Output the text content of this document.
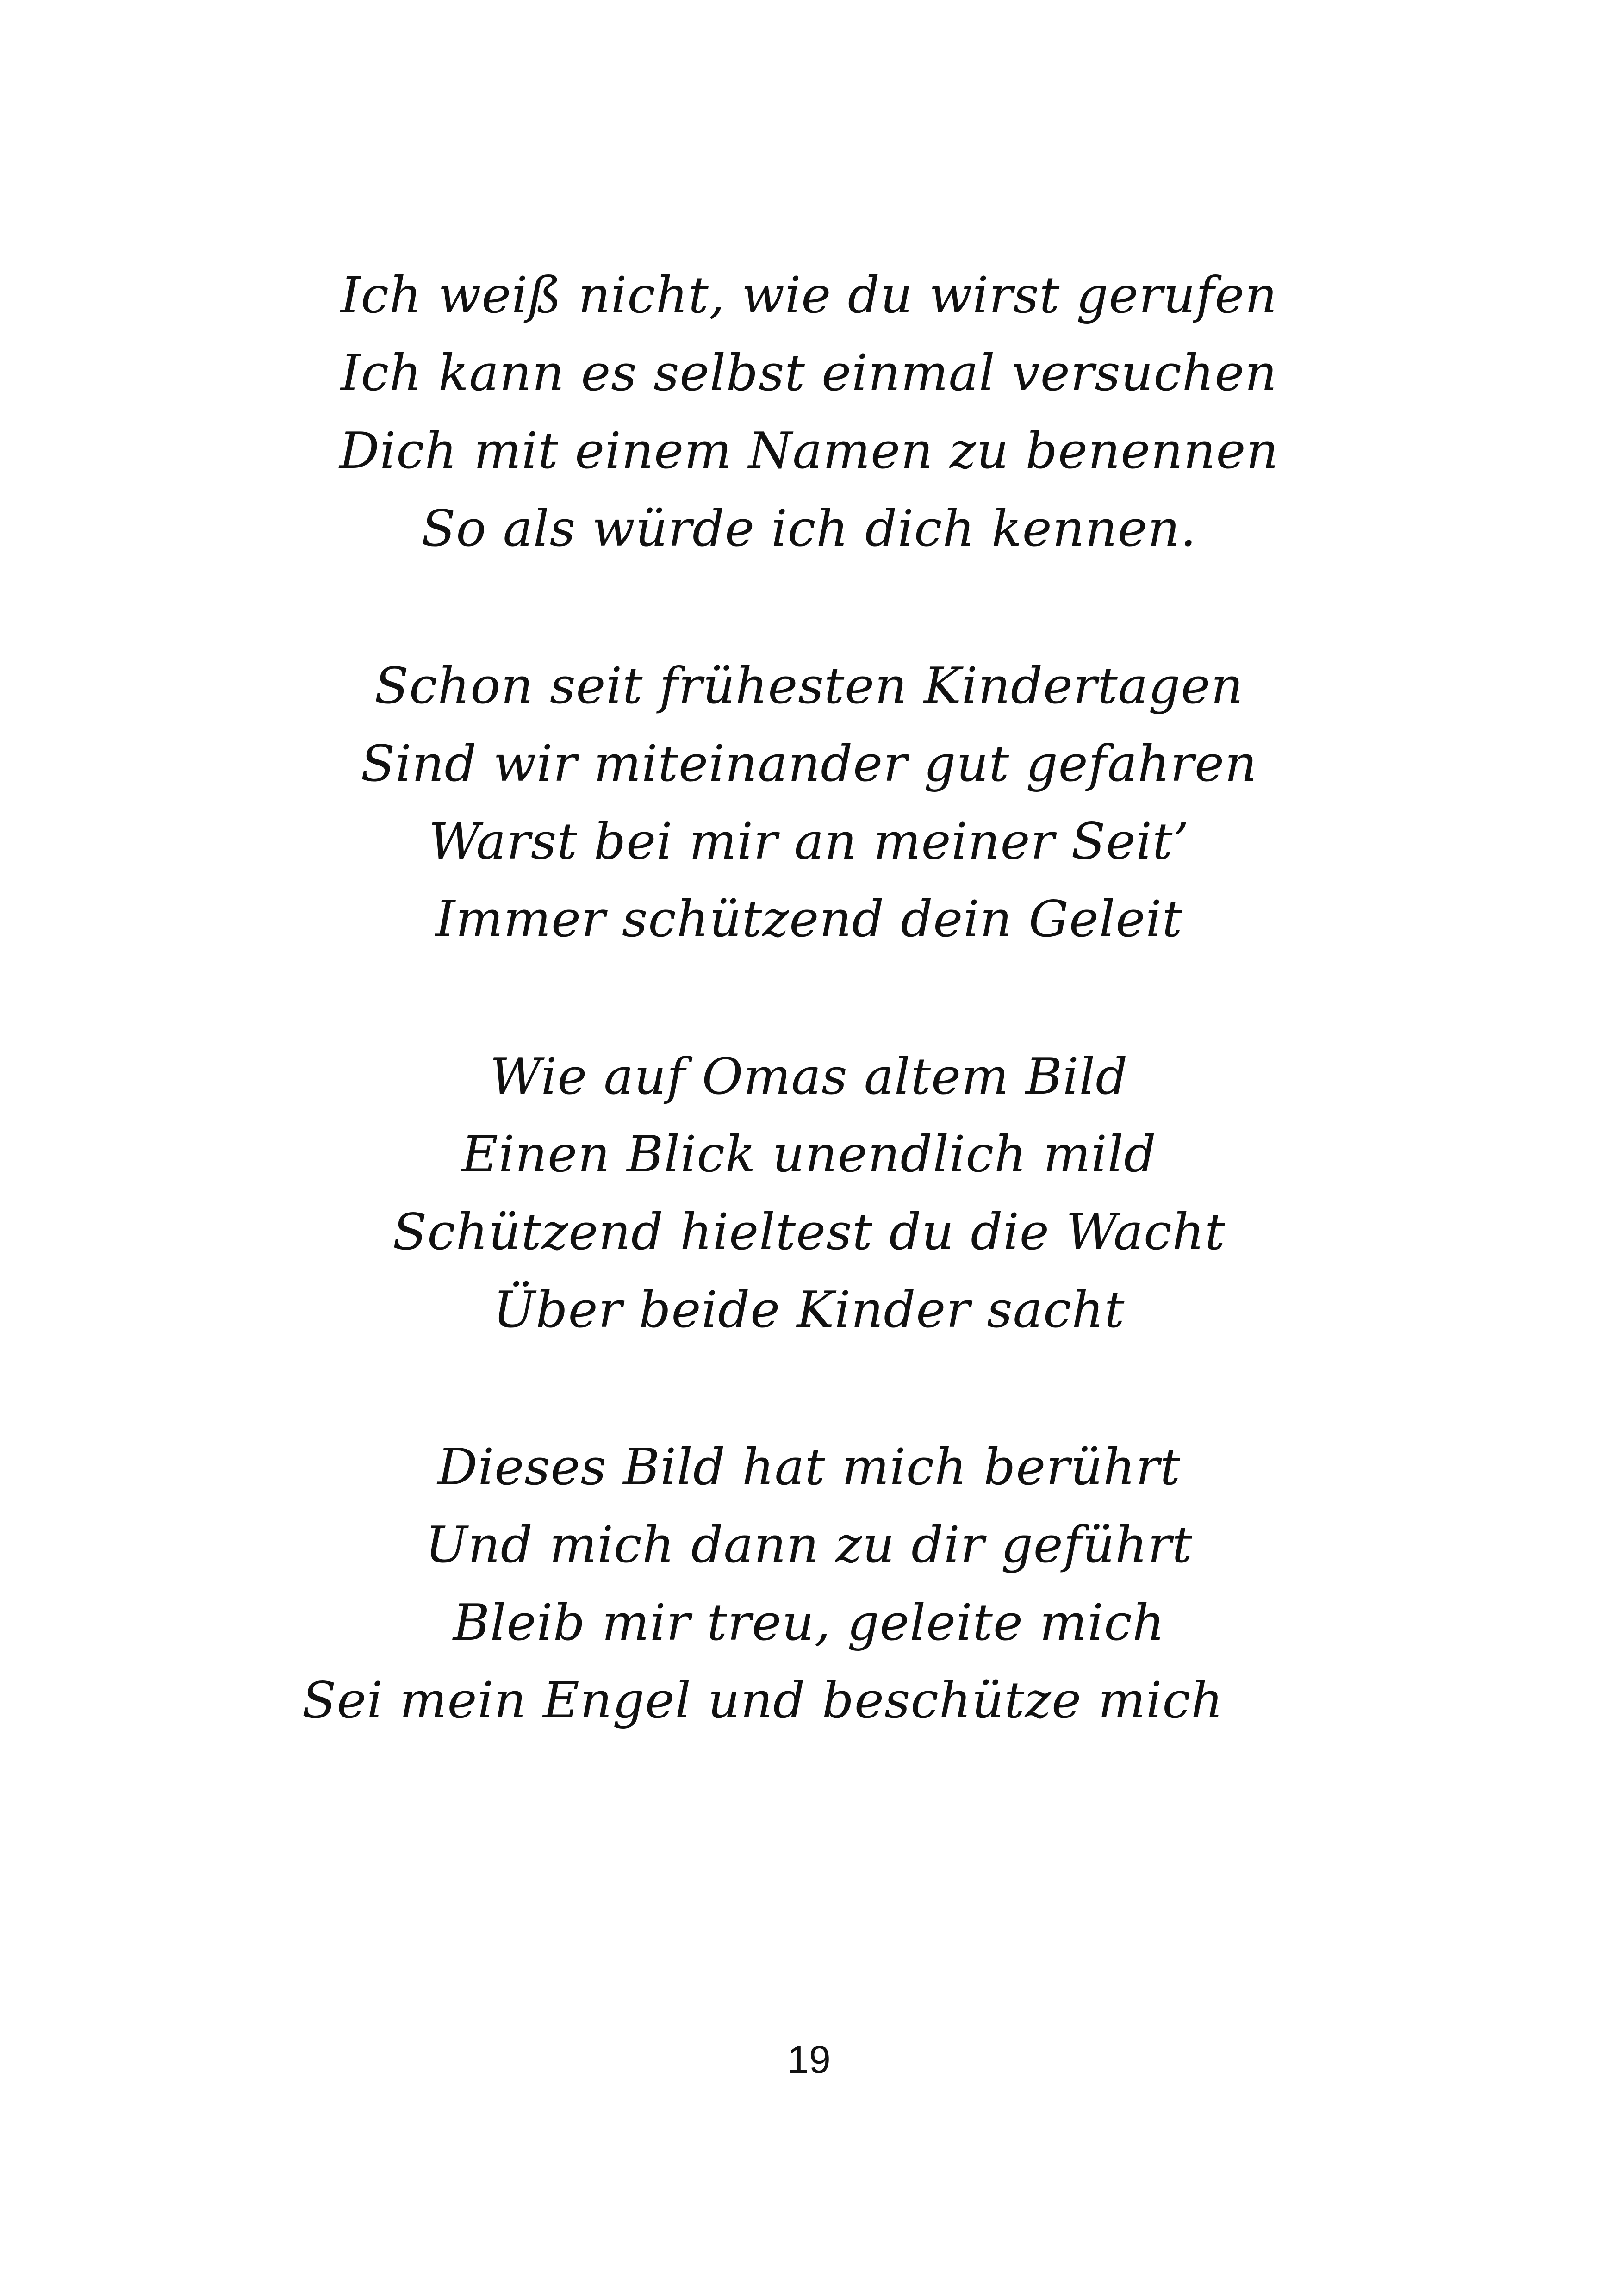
Ich weiß nicht, wie du wirst gerufen
Ich kann es selbst einmal versuchen
Dich mit einem Namen zu benennen
So als würde ich dich kennen.
Schon seit frühesten Kindertagen
Sind wir miteinander gut gefahren
Warst bei mir an meiner Seit’
Immer schützend dein Geleit
Wie auf Omas altem Bild
Einen Blick unendlich mild
Schützend hieltest du die Wacht
Über beide Kinder sacht
Dieses Bild hat mich berührt
Und mich dann zu dir geführt
Bleib mir treu, geleite mich
Sei mein Engel und beschütze mich
19
